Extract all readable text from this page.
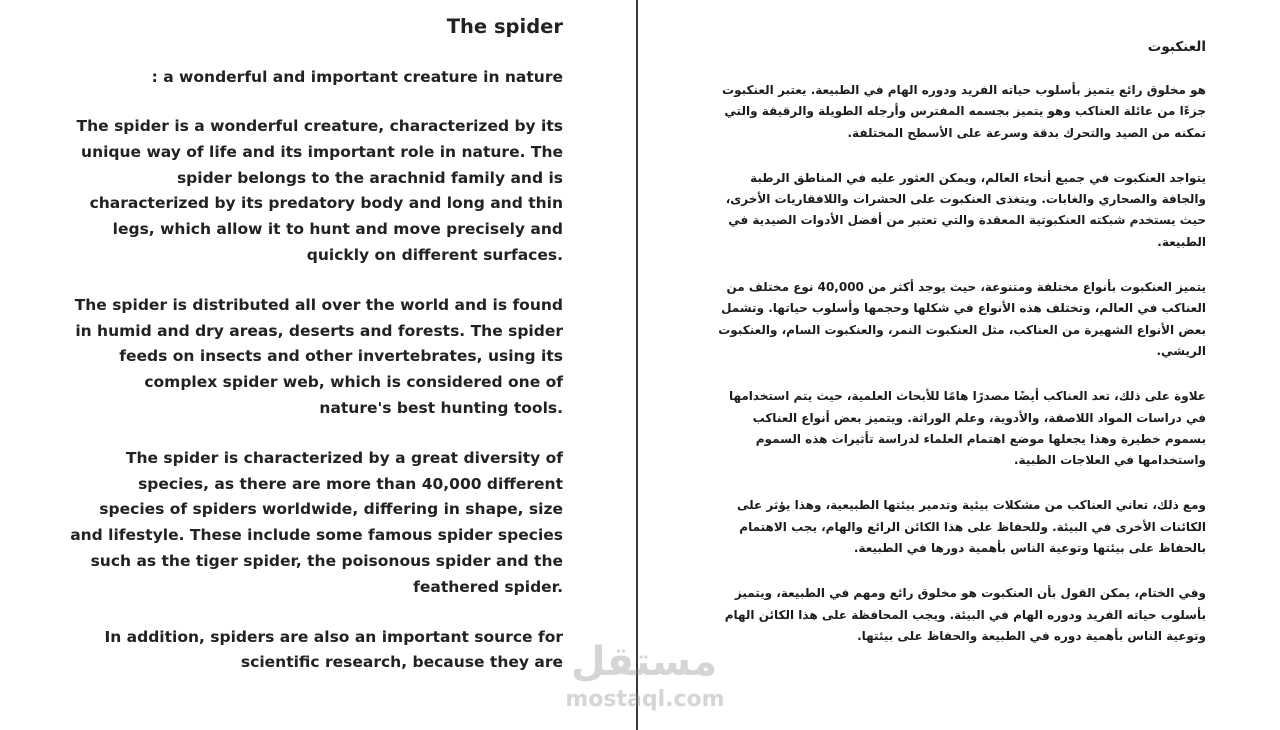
The spider
: a wonderful and important creature in nature

The spider is a wonderful creature, characterized by its unique way of life and its important role in nature. The spider belongs to the arachnid family and is characterized by its predatory body and long and thin legs, which allow it to hunt and move precisely and quickly on different surfaces.

The spider is distributed all over the world and is found in humid and dry areas, deserts and forests. The spider feeds on insects and other invertebrates, using its complex spider web, which is considered one of nature's best hunting tools.

The spider is characterized by a great diversity of species, as there are more than 40,000 different species of spiders worldwide, differing in shape, size and lifestyle. These include some famous spider species such as the tiger spider, the poisonous spider and the feathered spider.

In addition, spiders are also an important source for scientific research, because they are

العنكبوت

هو مخلوق رائع يتميز بأسلوب حياته الفريد ودوره الهام في الطبيعة. يعتبر العنكبوت جزءًا من عائلة العناكب وهو يتميز بجسمه المفترس وأرجله الطويلة والرقيقة والتي تمكنه من الصيد والتحرك بدقة وسرعة على الأسطح المختلفة.

يتواجد العنكبوت في جميع أنحاء العالم، ويمكن العثور عليه في المناطق الرطبة والجافة والصحاري والغابات. ويتغذى العنكبوت على الحشرات واللافقاريات الأخرى، حيث يستخدم شبكته العنكبوتية المعقدة والتي تعتبر من أفضل الأدوات الصيدية في الطبيعة.

يتميز العنكبوت بأنواع مختلفة ومتنوعة، حيث يوجد أكثر من 40,000 نوع مختلف من العناكب في العالم، وتختلف هذه الأنواع في شكلها وحجمها وأسلوب حياتها. وتشمل بعض الأنواع الشهيرة من العناكب، مثل العنكبوت النمر، والعنكبوت السام، والعنكبوت الريشي.

علاوة على ذلك، تعد العناكب أيضًا مصدرًا هامًا للأبحاث العلمية، حيث يتم استخدامها في دراسات المواد اللاصقة، والأدوية، وعلم الوراثة. ويتميز بعض أنواع العناكب بسموم خطيرة وهذا يجعلها موضع اهتمام العلماء لدراسة تأثيرات هذه السموم واستخدامها في العلاجات الطبية.

ومع ذلك، تعاني العناكب من مشكلات بيئية وتدمير بيئتها الطبيعية، وهذا يؤثر على الكائنات الأخرى في البيئة. وللحفاظ على هذا الكائن الرائع والهام، يجب الاهتمام بالحفاظ على بيئتها وتوعية الناس بأهمية دورها في الطبيعة.

وفي الختام، يمكن القول بأن العنكبوت هو مخلوق رائع ومهم في الطبيعة، ويتميز بأسلوب حياته الفريد ودوره الهام في البيئة. ويجب المحافظة على هذا الكائن الهام وتوعية الناس بأهمية دوره في الطبيعة والحفاظ على بيئتها.

مستقل
mostaql.com
